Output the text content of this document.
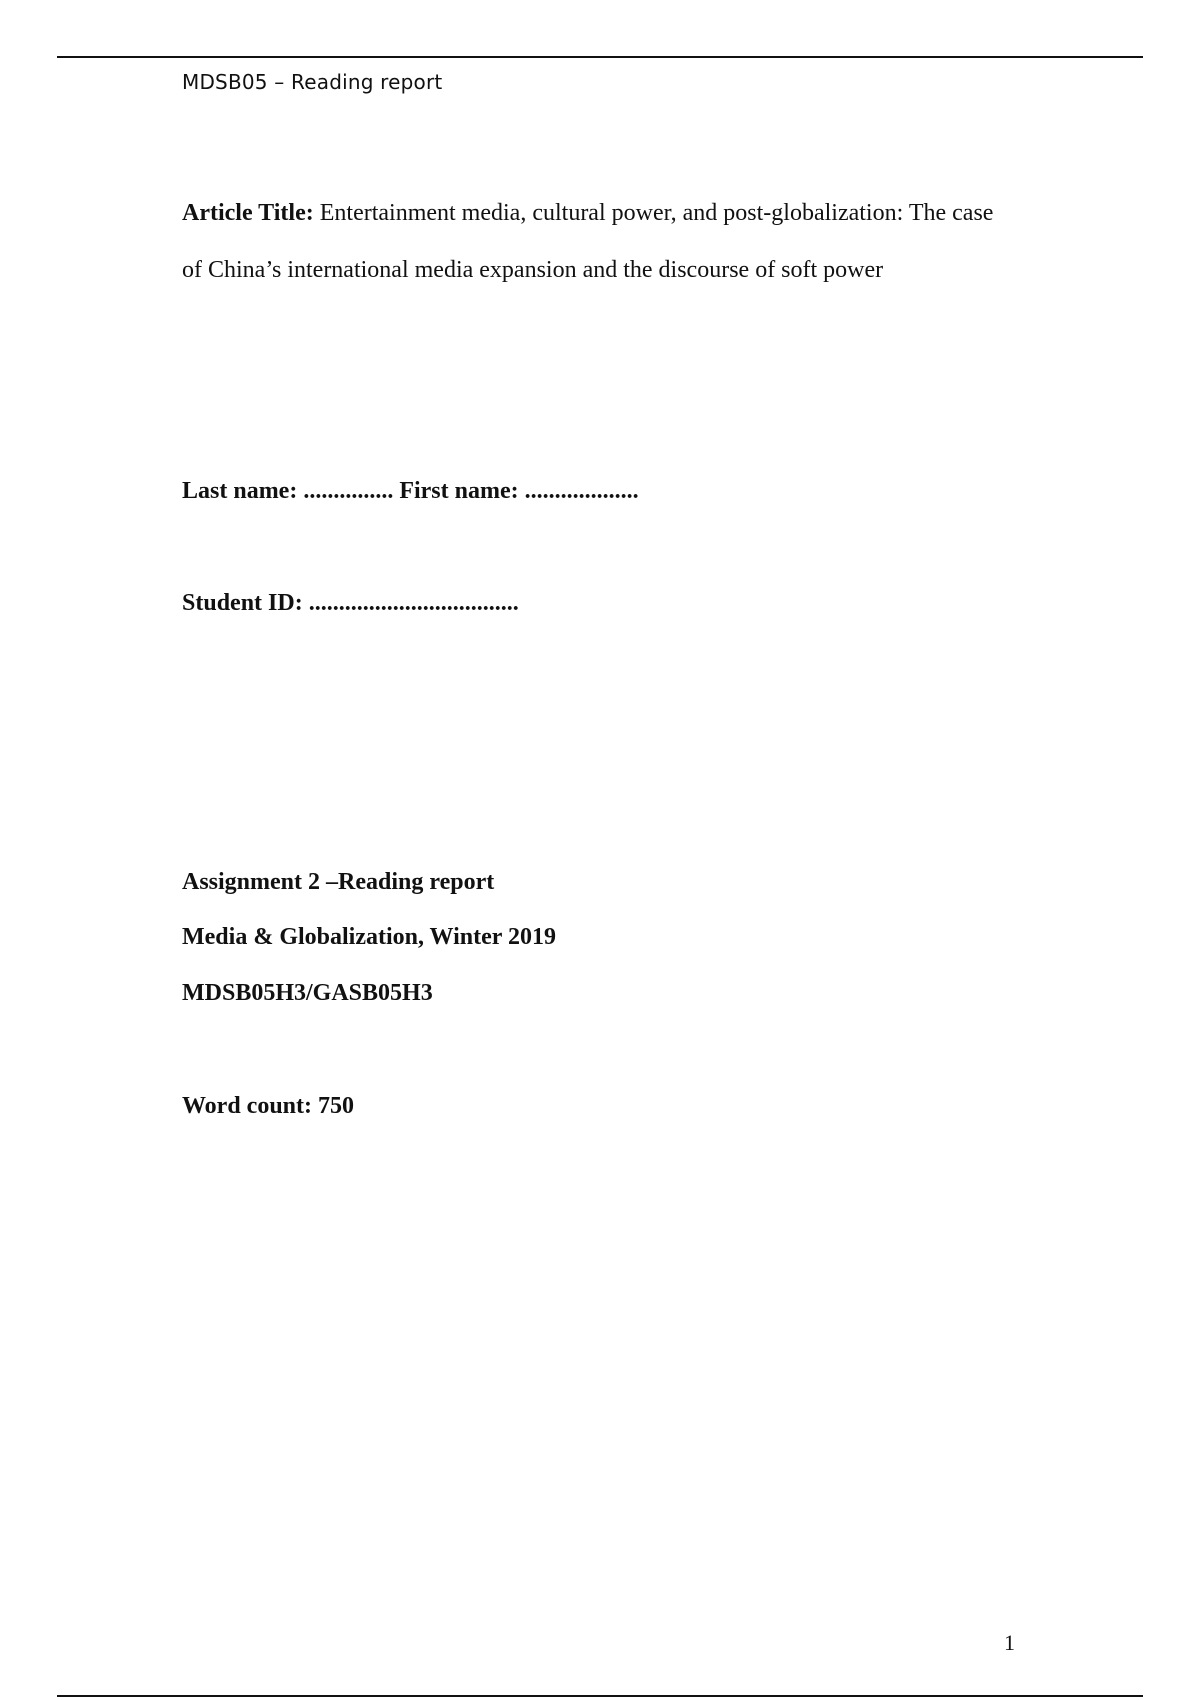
MDSB05 – Reading report
Article Title: Entertainment media, cultural power, and post-globalization: The case
of China’s international media expansion and the discourse of soft power
Last name: ............... First name: ...................
Student ID: ...................................
Assignment 2 –Reading report
Media & Globalization, Winter 2019
MDSB05H3/GASB05H3
Word count: 750
1
